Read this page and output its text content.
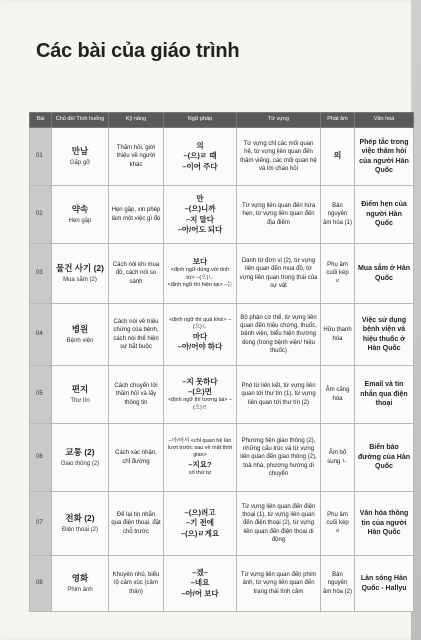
Các bài của giáo trình
Bài	Chủ đề/ Tình huống	Kỹ năng	Ngữ pháp	Từ vựng	Phát âm	Văn hoá
01	만남
Gặp gỡ	Thăm hỏi, giới thiệu về người khác	의
–(으)ㄹ 때
–이어 주다	Từ vựng chỉ các mối quan hệ, từ vựng liên quan đến thăm viếng, các mối quan hệ và lời chào hỏi	의	Phép tắc trong việc thăm hỏi của người Hàn Quốc
02	약속
Hẹn gặp	Hẹn gặp, xin phép làm một việc gì đó	만
–(으)니까
–지 말다
–아/어도 되다	Từ vựng liên quan đến hứa hẹn, từ vựng liên quan đến địa điểm	Bản nguyên âm hóa (1)	Điểm hẹn của người Hàn Quốc
03	물건 사기 (2)
Mua sắm (2)	Cách nói khi mua đồ, cách nói so sánh	보다
<định ngữ dùng với tính từ> –(으)ㄴ
<định ngữ thì hiện tại> –는	Danh từ đơn vị (2), từ vựng liên quan đến mua đồ, từ vựng liên quan trong thái của sự vật	Phụ âm cuối kép ㄹ	Mua sắm ở Hàn Quốc
04	병원
Bệnh viện	Cách nói về triệu chứng của bệnh, cách nói thể hiện sự bắt buộc	<định ngữ thì quá khứ> –(으)ㄴ
마다
–아/어야 하다	Bộ phận cơ thể, từ vựng liên quan đến triệu chứng, thuốc, bệnh viện, biểu hiện thường dùng (trong bệnh viện/ hiệu thuốc)	Hữu thanh hóa	Việc sử dụng bệnh viện và hiệu thuốc ở Hàn Quốc
05	편지
Thư tín	Cách chuyển lời thăm hỏi và lấy thông tin	–지 못하다
–(으)면
<định ngữ thì tương lai> –(으)ㄹ	Phó từ liên kết, từ vựng liên quan tới thư tín (1), từ vựng liên quan tới thư tín (2)	Âm căng hóa	Email và tin nhắn qua điện thoại
06	교통 (2)
Giao thông (2)	Cách xác nhận, chỉ đường	–아/어서 <chỉ quan hệ lần lượt trước sau về mặt thời gian>
–지요?
số thứ tự	Phương tiện giao thông (2), những cấu trúc và từ vựng liên quan đến giao thông (2), toà nhà, phương hướng di chuyển	Âm bổ sung ㄴ	Biển báo đường của Hàn Quốc
07	전화 (2)
Điện thoại (2)	Để lại tin nhắn qua điện thoại, đặt chỗ trước	–(으)려고
–기 전에
–(으)ㄹ게요	Từ vựng liên quan đến điện thoại (1), từ vựng liên quan đến điện thoại (2), từ vựng liên quan đến điện thoại di động	Phụ âm cuối kép ㄹ	Văn hóa thông tin của người Hàn Quốc
08	영화
Phim ảnh	Khuyên nhủ, biểu lộ cảm xúc (cảm thán)	–겠–
–네요
–아/어 보다	Từ vựng liên quan đến phim ảnh, từ vựng liên quan đến trạng thái tình cảm	Bản nguyên âm hóa (2)	Làn sóng Hàn Quốc - Hallyu
